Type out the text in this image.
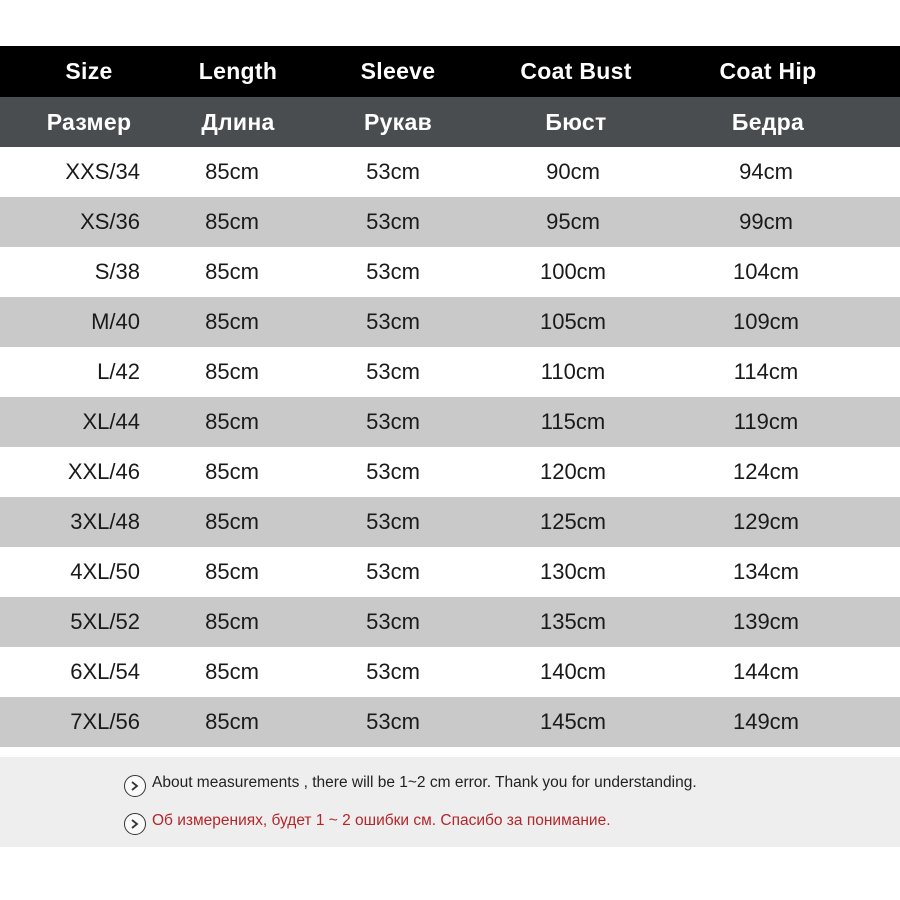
Size	Length	Sleeve	Coat Bust	Coat Hip
Размер	Длина	Рукав	Бюст	Бедра
XXS/34	85cm	53cm	90cm	94cm
XS/36	85cm	53cm	95cm	99cm
S/38	85cm	53cm	100cm	104cm
M/40	85cm	53cm	105cm	109cm
L/42	85cm	53cm	110cm	114cm
XL/44	85cm	53cm	115cm	119cm
XXL/46	85cm	53cm	120cm	124cm
3XL/48	85cm	53cm	125cm	129cm
4XL/50	85cm	53cm	130cm	134cm
5XL/52	85cm	53cm	135cm	139cm
6XL/54	85cm	53cm	140cm	144cm
7XL/56	85cm	53cm	145cm	149cm
About measurements , there will be 1~2 cm error. Thank you for understanding.
Об измерениях, будет 1 ~ 2 ошибки см. Спасибо за понимание.
